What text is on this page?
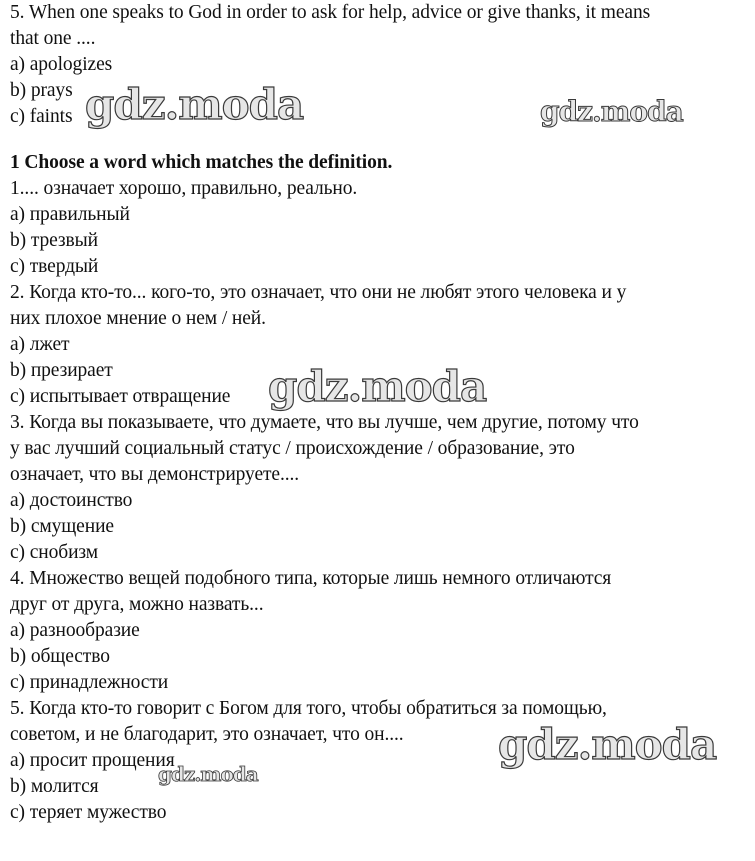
5. When one speaks to God in order to ask for help, advice or give thanks, it means
that one ....
a) apologizes
b) prays
c) faints
1 Choose a word which matches the definition.
1.... означает хорошо, правильно, реально.
a) правильный
b) трезвый
c) твердый
2. Когда кто-то... кого-то, это означает, что они не любят этого человека и у
них плохое мнение о нем / ней.
a) лжет
b) презирает
c) испытывает отвращение
3. Когда вы показываете, что думаете, что вы лучше, чем другие, потому что
у вас лучший социальный статус / происхождение / образование, это
означает, что вы демонстрируете....
a) достоинство
b) смущение
c) снобизм
4. Множество вещей подобного типа, которые лишь немного отличаются
друг от друга, можно назвать...
a) разнообразие
b) общество
c) принадлежности
5. Когда кто-то говорит с Богом для того, чтобы обратиться за помощью,
советом, и не благодарит, это означает, что он....
a) просит прощения
b) молится
c) теряет мужество
gdz.moda	gdz.moda
gdz.moda
gdz.moda
gdz.moda
